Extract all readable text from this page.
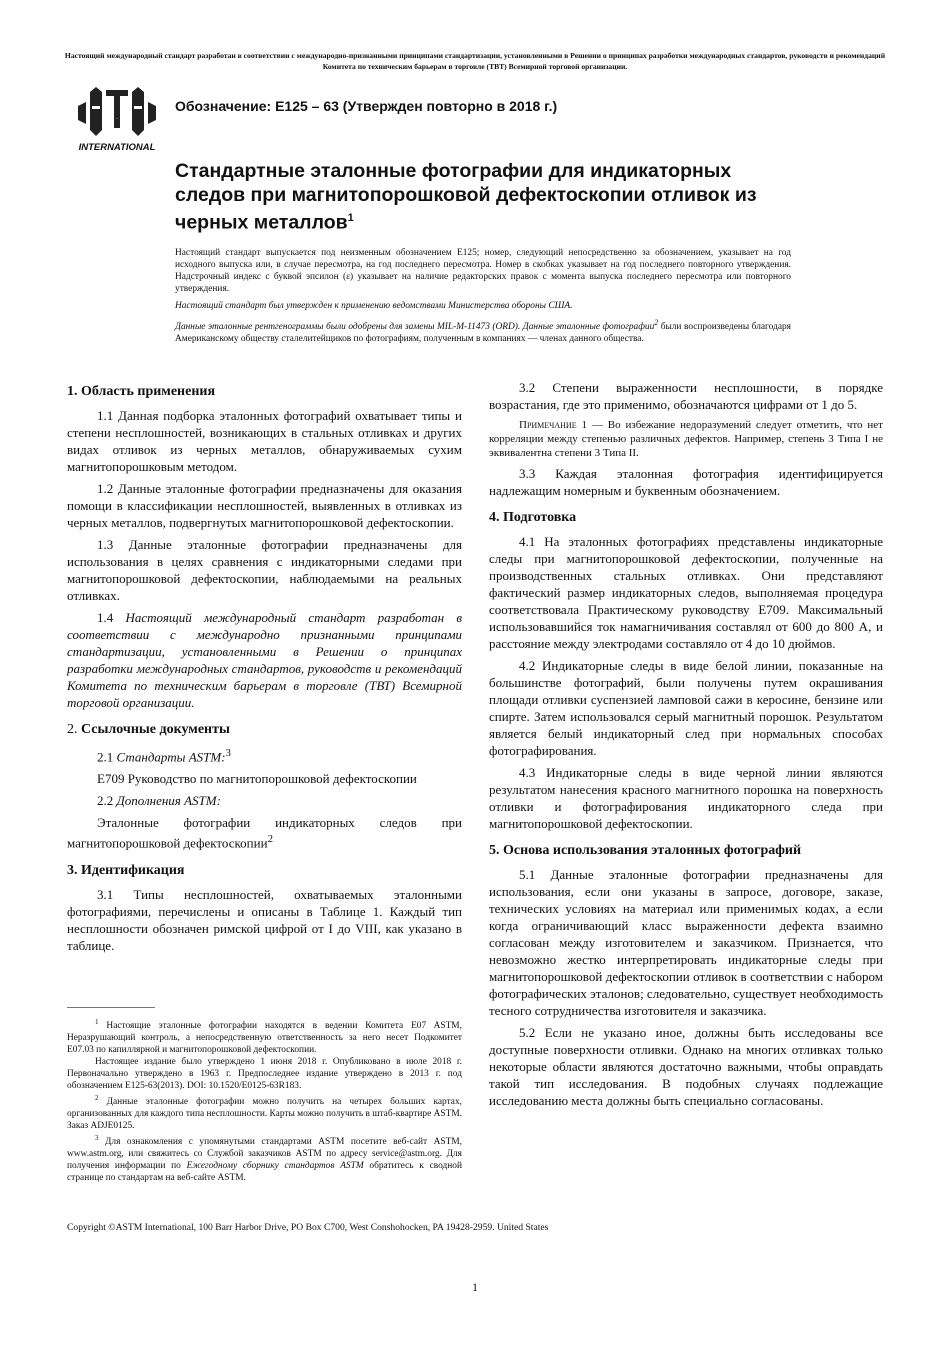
Настоящий международный стандарт разработан в соответствии с международно-признанными принципами стандартизации, установленными в Решении о принципах разработки международных стандартов, руководств и рекомендаций Комитета по техническим барьерам в торговле (ТВТ) Всемирной торговой организации.
ASTM
INTERNATIONAL
Обозначение: E125 – 63 (Утвержден повторно в 2018 г.)
Стандартные эталонные фотографии для индикаторных следов при магнитопорошковой дефектоскопии отливок из черных металлов$^1$

Настоящий стандарт выпускается под неизменным обозначением E125; номер, следующий непосредственно за обозначением, указывает на год исходного выпуска или, в случае пересмотра, на год последнего пересмотра. Номер в скобках указывает на год последнего повторного утверждения. Надстрочный индекс с буквой эпсилон (ε) указывает на наличие редакторских правок с момента выпуска последнего пересмотра или повторного утверждения.

Настоящий стандарт был утвержден к применению ведомствами Министерства обороны США.

Данные эталонные рентгенограммы были одобрены для замены MIL-M-11473 (ORD). Данные эталонные фотографии$^2$ были воспроизведены благодаря Американскому обществу сталелитейщиков по фотографиям, полученным в компаниях — членах данного общества.

1. Область применения

1.1 Данная подборка эталонных фотографий охватывает типы и степени несплошностей, возникающих в стальных отливках и других видах отливок из черных металлов, обнаруживаемых сухим магнитопорошковым методом.

1.2 Данные эталонные фотографии предназначены для оказания помощи в классификации несплошностей, выявленных в отливках из черных металлов, подвергнутых магнитопорошковой дефектоскопии.

1.3 Данные эталонные фотографии предназначены для использования в целях сравнения с индикаторными следами при магнитопорошковой дефектоскопии, наблюдаемыми на реальных отливках.

1.4 Настоящий международный стандарт разработан в соответствии с международно признанными принципами стандартизации, установленными в Решении о принципах разработки международных стандартов, руководств и рекомендаций Комитета по техническим барьерам в торговле (ТВТ) Всемирной торговой организации.

2. Ссылочные документы

2.1 Стандарты ASTM:$^3$

E709 Руководство по магнитопорошковой дефектоскопии

2.2 Дополнения ASTM:

Эталонные фотографии индикаторных следов при магнитопорошковой дефектоскопии$^2$

3. Идентификация

3.1 Типы несплошностей, охватываемых эталонными фотографиями, перечислены и описаны в Таблице 1. Каждый тип несплошности обозначен римской цифрой от I до VIII, как указано в таблице.

3.2 Степени выраженности несплошности, в порядке возрастания, где это применимо, обозначаются цифрами от 1 до 5.

Примечание 1 — Во избежание недоразумений следует отметить, что нет корреляции между степенью различных дефектов. Например, степень 3 Типа I не эквивалентна степени 3 Типа II.

3.3 Каждая эталонная фотография идентифицируется надлежащим номерным и буквенным обозначением.

4. Подготовка

4.1 На эталонных фотографиях представлены индикаторные следы при магнитопорошковой дефектоскопии, полученные на производственных стальных отливках. Они представляют фактический размер индикаторных следов, выполняемая процедура соответствовала Практическому руководству E709. Максимальный использовавшийся ток намагничивания составлял от 600 до 800 А, и расстояние между электродами составляло от 4 до 10 дюймов.

4.2 Индикаторные следы в виде белой линии, показанные на большинстве фотографий, были получены путем окрашивания площади отливки суспензией ламповой сажи в керосине, бензине или спирте. Затем использовался серый магнитный порошок. Результатом является белый индикаторный след при нормальных способах фотографирования.

4.3 Индикаторные следы в виде черной линии являются результатом нанесения красного магнитного порошка на поверхность отливки и фотографирования индикаторного следа при магнитопорошковой дефектоскопии.

5. Основа использования эталонных фотографий

5.1 Данные эталонные фотографии предназначены для использования, если они указаны в запросе, договоре, заказе, технических условиях на материал или применимых кодах, а если когда ограничивающий класс выраженности дефекта взаимно согласован между изготовителем и заказчиком. Признается, что невозможно жестко интерпретировать индикаторные следы при магнитопорошковой дефектоскопии отливок в соответствии с набором фотографических эталонов; следовательно, существует необходимость тесного сотрудничества изготовителя и заказчика.

5.2 Если не указано иное, должны быть исследованы все доступные поверхности отливки. Однако на многих отливках только некоторые области являются достаточно важными, чтобы оправдать такой тип исследования. В подобных случаях подлежащие исследованию места должны быть специально согласованы.

$^1$ Настоящие эталонные фотографии находятся в ведении Комитета E07 ASTM, Неразрушающий контроль, а непосредственную ответственность за него несет Подкомитет E07.03 по капиллярной и магнитопорошковой дефектоскопии.

Настоящее издание было утверждено 1 июня 2018 г. Опубликовано в июле 2018 г. Первоначально утверждено в 1963 г. Предпоследнее издание утверждено в 2013 г. под обозначением E125-63(2013). DOI: 10.1520/E0125-63R183.

$^2$ Данные эталонные фотографии можно получить на четырех больших картах, организованных для каждого типа несплошности. Карты можно получить в штаб-квартире ASTM. Заказ ADJE0125.

$^3$ Для ознакомления с упомянутыми стандартами ASTM посетите веб-сайт ASTM, www.astm.org, или свяжитесь со Службой заказчиков ASTM по адресу service@astm.org. Для получения информации по Ежегодному сборнику стандартов ASTM обратитесь к сводной странице по стандартам на веб-сайте ASTM.

Copyright ©ASTM International, 100 Barr Harbor Drive, PO Box C700, West Conshohocken, PA 19428-2959. United States
1
